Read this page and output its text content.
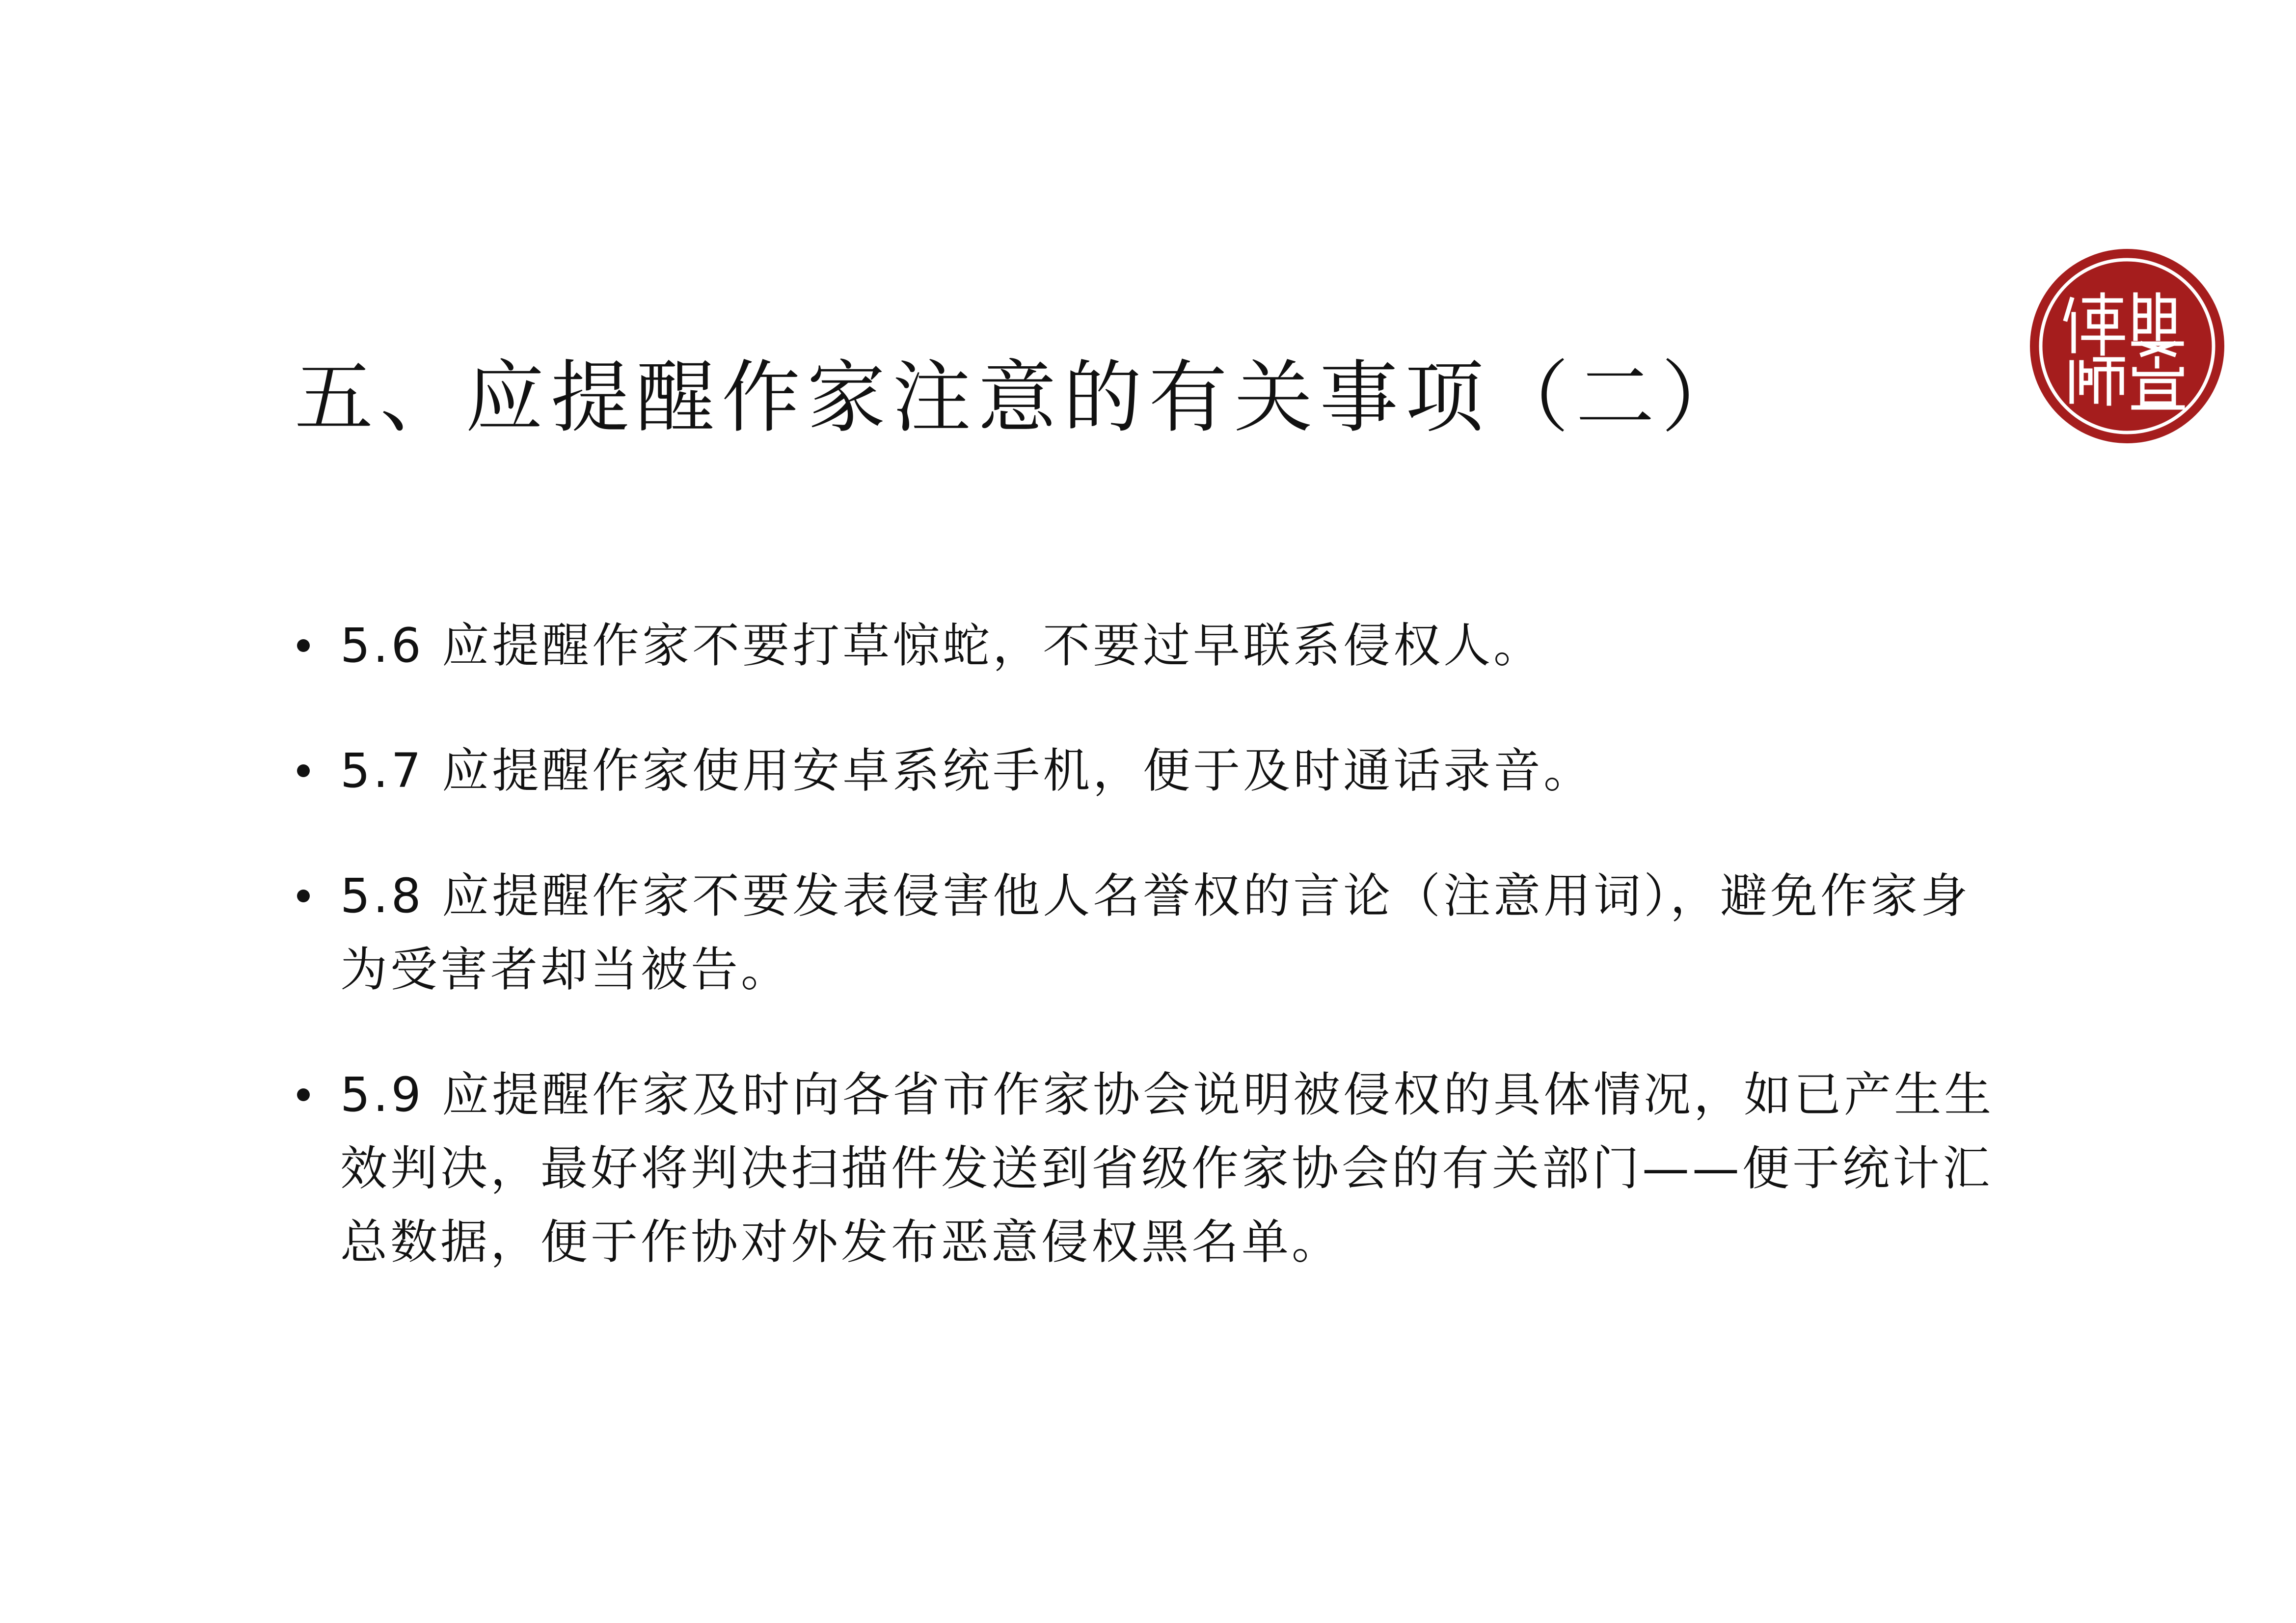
五、应提醒作家注意的有关事项（二）
5.6 应提醒作家不要打草惊蛇，不要过早联系侵权人。
5.7 应提醒作家使用安卓系统手机，便于及时通话录音。
5.8 应提醒作家不要发表侵害他人名誉权的言论（注意用词），避免作家身为受害者却当被告。
5.9 应提醒作家及时向各省市作家协会说明被侵权的具体情况，如已产生生效判决，最好将判决扫描件发送到省级作家协会的有关部门——便于统计汇总数据，便于作协对外发布恶意侵权黑名单。
